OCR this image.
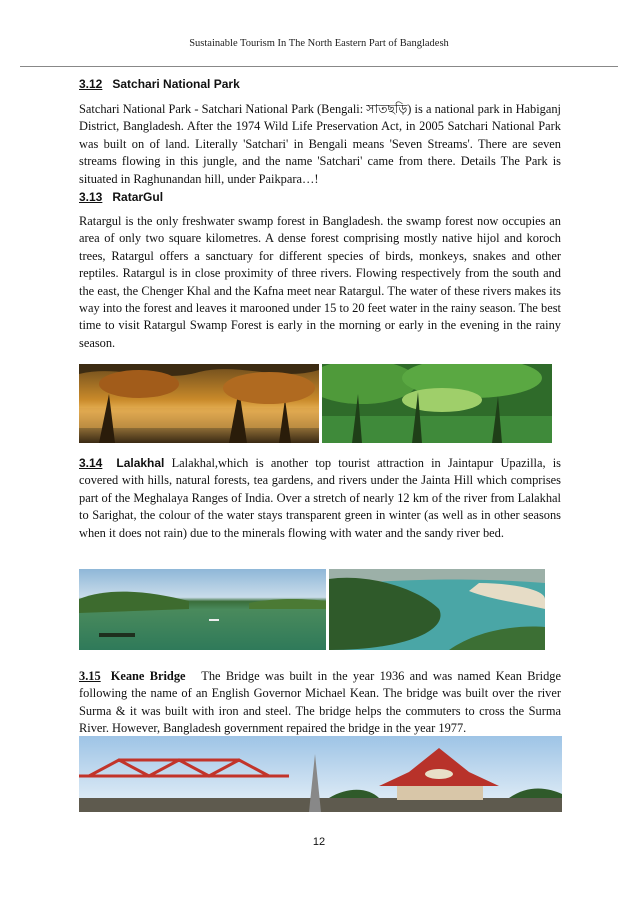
Sustainable Tourism In The North Eastern Part of Bangladesh
3.12 Satchari National Park
Satchari National Park - Satchari National Park (Bengali: সাতছড়ি) is a national park in Habiganj District, Bangladesh. After the 1974 Wild Life Preservation Act, in 2005 Satchari National Park was built on of land. Literally 'Satchari' in Bengali means 'Seven Streams'. There are seven streams flowing in this jungle, and the name 'Satchari' came from there. Details The Park is situated in Raghunandan hill, under Paikpara…!
3.13 RatarGul
Ratargul is the only freshwater swamp forest in Bangladesh. the swamp forest now occupies an area of only two square kilometres. A dense forest comprising mostly native hijol and koroch trees, Ratargul offers a sanctuary for different species of birds, monkeys, snakes and other reptiles. Ratargul is in close proximity of three rivers. Flowing respectively from the south and the east, the Chenger Khal and the Kafna meet near Ratargul. The water of these rivers makes its way into the forest and leaves it marooned under 15 to 20 feet water in the rainy season. The best time to visit Ratargul Swamp Forest is early in the morning or early in the evening in the rainy season.
3.14 Lalakhal Lalakhal,which is another top tourist attraction in Jaintapur Upazilla, is covered with hills, natural forests, tea gardens, and rivers under the Jainta Hill which comprises part of the Meghalaya Ranges of India. Over a stretch of nearly 12 km of the river from Lalakhal to Sarighat, the colour of the water stays transparent green in winter (as well as in other seasons when it does not rain) due to the minerals flowing with water and the sandy river bed.
3.15 Keane Bridge The Bridge was built in the year 1936 and was named Kean Bridge following the name of an English Governor Michael Kean. The bridge was built over the river Surma & it was built with iron and steel. The bridge helps the commuters to cross the Surma River. However, Bangladesh government repaired the bridge in the year 1977.
12
